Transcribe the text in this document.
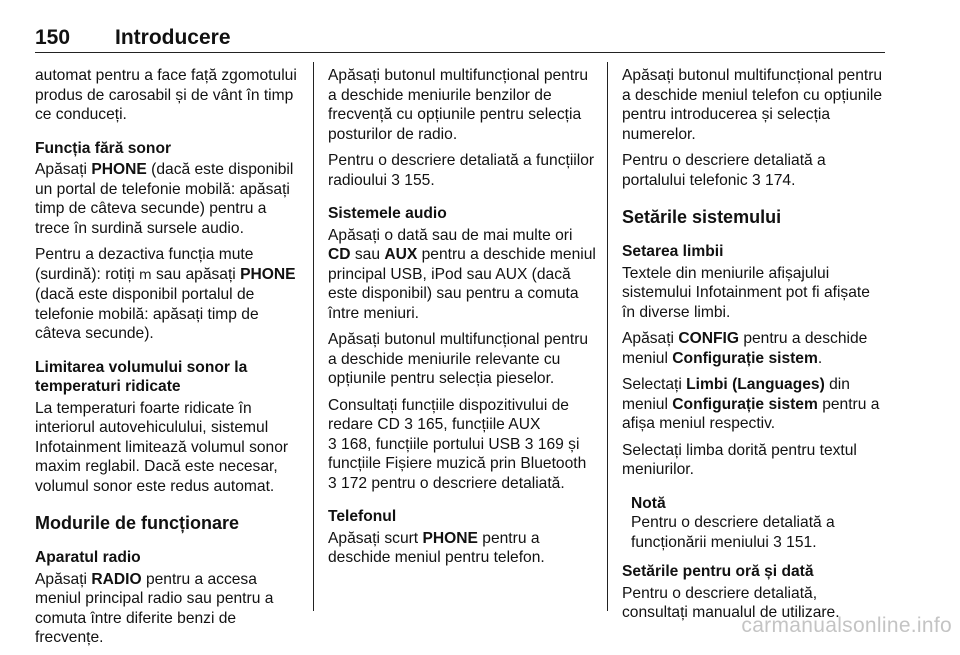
150 Introducere

automat pentru a face față zgomotului produs de carosabil și de vânt în timp ce conduceți.

Funcția fără sonor

Apăsați PHONE (dacă este disponibil un portal de telefonie mobilă: apăsați timp de câteva secunde) pentru a trece în surdină sursele audio.

Pentru a dezactiva funcția mute (surdină): rotiți m sau apăsați PHONE (dacă este disponibil portalul de telefonie mobilă: apăsați timp de câteva secunde).

Limitarea volumului sonor la temperaturi ridicate

La temperaturi foarte ridicate în interiorul autovehiculului, sistemul Infotainment limitează volumul sonor maxim reglabil. Dacă este necesar, volumul sonor este redus automat.

Modurile de funcționare
Aparatul radio

Apăsați RADIO pentru a accesa meniul principal radio sau pentru a comuta între diferite benzi de frecvențe.

Apăsați butonul multifuncțional pentru a deschide meniurile benzilor de frecvență cu opțiunile pentru selecția posturilor de radio.

Pentru o descriere detaliată a funcțiilor radioului 3 155.

Sistemele audio

Apăsați o dată sau de mai multe ori CD sau AUX pentru a deschide meniul principal USB, iPod sau AUX (dacă este disponibil) sau pentru a comuta între meniuri.

Apăsați butonul multifuncțional pentru a deschide meniurile relevante cu opțiunile pentru selecția pieselor.

Consultați funcțiile dispozitivului de redare CD 3 165, funcțiile AUX
3 168, funcțiile portului USB 3 169 și funcțiile Fișiere muzică prin Bluetooth 3 172 pentru o descriere detaliată.

Telefonul

Apăsați scurt PHONE pentru a deschide meniul pentru telefon.

Apăsați butonul multifuncțional pentru a deschide meniul telefon cu opțiunile pentru introducerea și selecția numerelor.

Pentru o descriere detaliată a portalului telefonic 3 174.

Setările sistemului
Setarea limbii

Textele din meniurile afișajului sistemului Infotainment pot fi afișate în diverse limbi.

Apăsați CONFIG pentru a deschide meniul Configurație sistem.

Selectați Limbi (Languages) din meniul Configurație sistem pentru a afișa meniul respectiv.

Selectați limba dorită pentru textul meniurilor.

Notă
Pentru o descriere detaliată a funcționării meniului 3 151.
Setările pentru oră și dată

Pentru o descriere detaliată, consultați manualul de utilizare.

carmanualsonline.info
